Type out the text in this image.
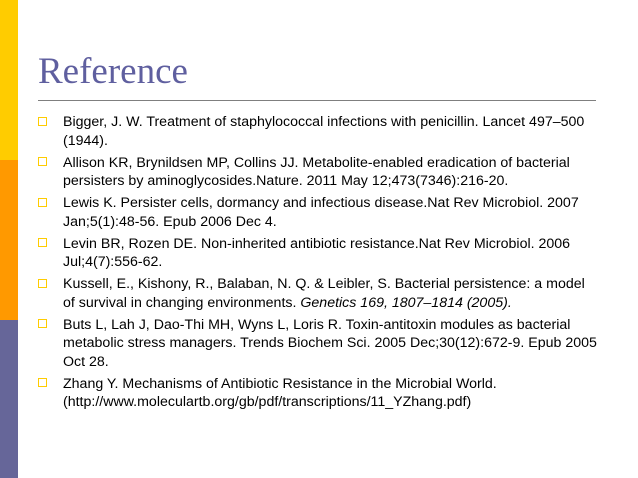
Reference
Bigger, J. W. Treatment of staphylococcal infections with penicillin. Lancet 497–500 (1944).
Allison KR, Brynildsen MP, Collins JJ. Metabolite-enabled eradication of bacterial persisters by aminoglycosides.Nature. 2011 May 12;473(7346):216-20.
Lewis K. Persister cells, dormancy and infectious disease.Nat Rev Microbiol. 2007 Jan;5(1):48-56. Epub 2006 Dec 4.
Levin BR, Rozen DE. Non-inherited antibiotic resistance.Nat Rev Microbiol. 2006 Jul;4(7):556-62.
Kussell, E., Kishony, R., Balaban, N. Q. & Leibler, S. Bacterial persistence: a model of survival in changing environments. Genetics 169, 1807–1814 (2005).
Buts L, Lah J, Dao-Thi MH, Wyns L, Loris R. Toxin-antitoxin modules as bacterial metabolic stress managers. Trends Biochem Sci. 2005 Dec;30(12):672-9. Epub 2005 Oct 28.
Zhang Y. Mechanisms of Antibiotic Resistance in the Microbial World. (http://www.moleculartb.org/gb/pdf/transcriptions/11_YZhang.pdf)
